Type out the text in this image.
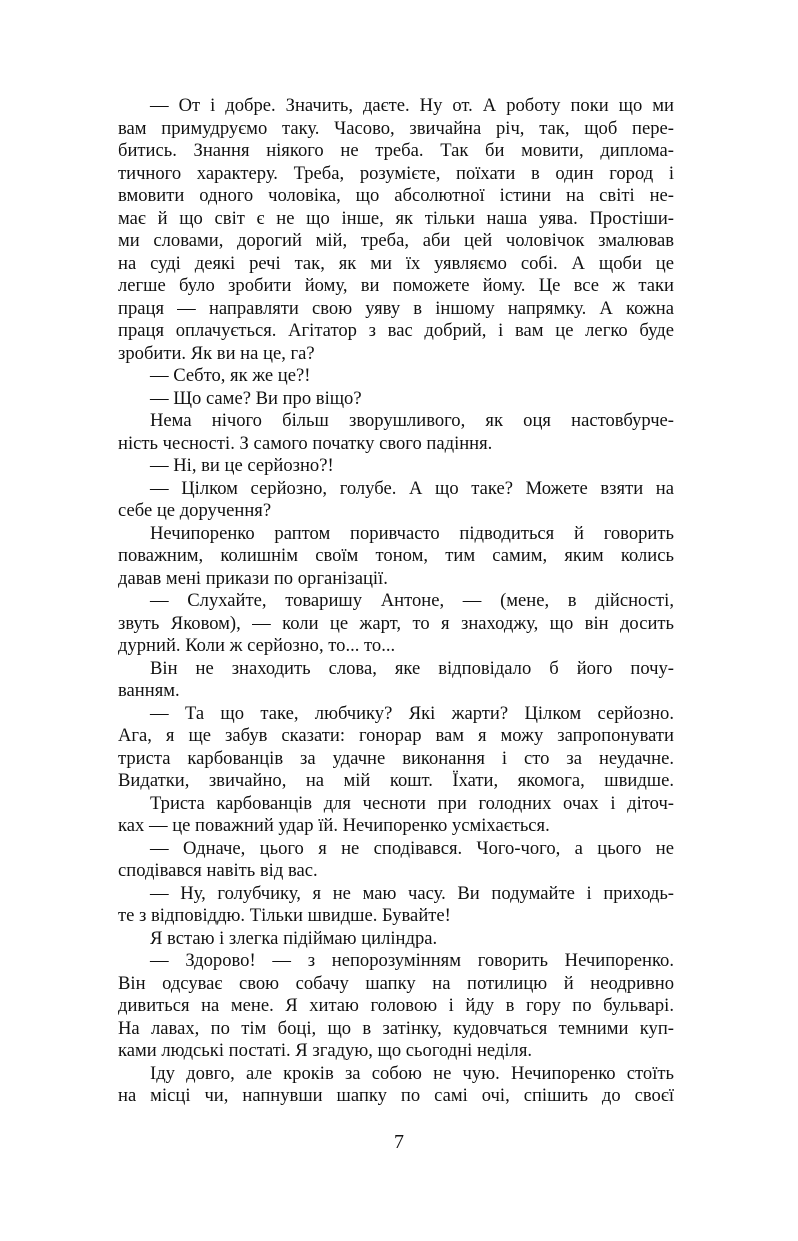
— От і добре. Значить, даєте. Ну от. А роботу поки що ми
вам примудруємо таку. Часово, звичайна річ, так, щоб пере-
битись. Знання ніякого не треба. Так би мовити, диплома-
тичного характеру. Треба, розумієте, поїхати в один город і
вмовити одного чоловіка, що абсолютної істини на світі не-
має й що світ є не що інше, як тільки наша уява. Простіши-
ми словами, дорогий мій, треба, аби цей чоловічок змалював
на суді деякі речі так, як ми їх уявляємо собі. А щоби це
легше було зробити йому, ви поможете йому. Це все ж таки
праця — направляти свою уяву в іншому напрямку. А кожна
праця оплачується. Агітатор з вас добрий, і вам це легко буде
зробити. Як ви на це, га?
— Себто, як же це?!
— Що саме? Ви про віщо?
Нема нічого більш зворушливого, як оця настовбурче-
ність чесності. З самого початку свого падіння.
— Ні, ви це серйозно?!
— Цілком серйозно, голубе. А що таке? Можете взяти на
себе це доручення?
Нечипоренко раптом поривчасто підводиться й говорить
поважним, колишнім своїм тоном, тим самим, яким колись
давав мені прикази по організації.
— Слухайте, товаришу Антоне, — (мене, в дійсності,
звуть Яковом), — коли це жарт, то я знаходжу, що він досить
дурний. Коли ж серйозно, то... то...
Він не знаходить слова, яке відповідало б його почу-
ванням.
— Та що таке, любчику? Які жарти? Цілком серйозно.
Ага, я ще забув сказати: гонорар вам я можу запропонувати
триста карбованців за удачне виконання і сто за неудачне.
Видатки, звичайно, на мій кошт. Їхати, якомога, швидше.
Триста карбованців для чесноти при голодних очах і діточ-
ках — це поважний удар їй. Нечипоренко усміхається.
— Одначе, цього я не сподівався. Чого-чого, а цього не
сподівався навіть від вас.
— Ну, голубчику, я не маю часу. Ви подумайте і приходь-
те з відповіддю. Тільки швидше. Бувайте!
Я встаю і злегка підіймаю циліндра.
— Здорово! — з непорозумінням говорить Нечипоренко.
Він одсуває свою собачу шапку на потилицю й неодривно
дивиться на мене. Я хитаю головою і йду в гору по бульварі.
На лавах, по тім боці, що в затінку, кудовчаться темними куп-
ками людські постаті. Я згадую, що сьогодні неділя.
Іду довго, але кроків за собою не чую. Нечипоренко стоїть
на місці чи, напнувши шапку по самі очі, спішить до своєї
7
